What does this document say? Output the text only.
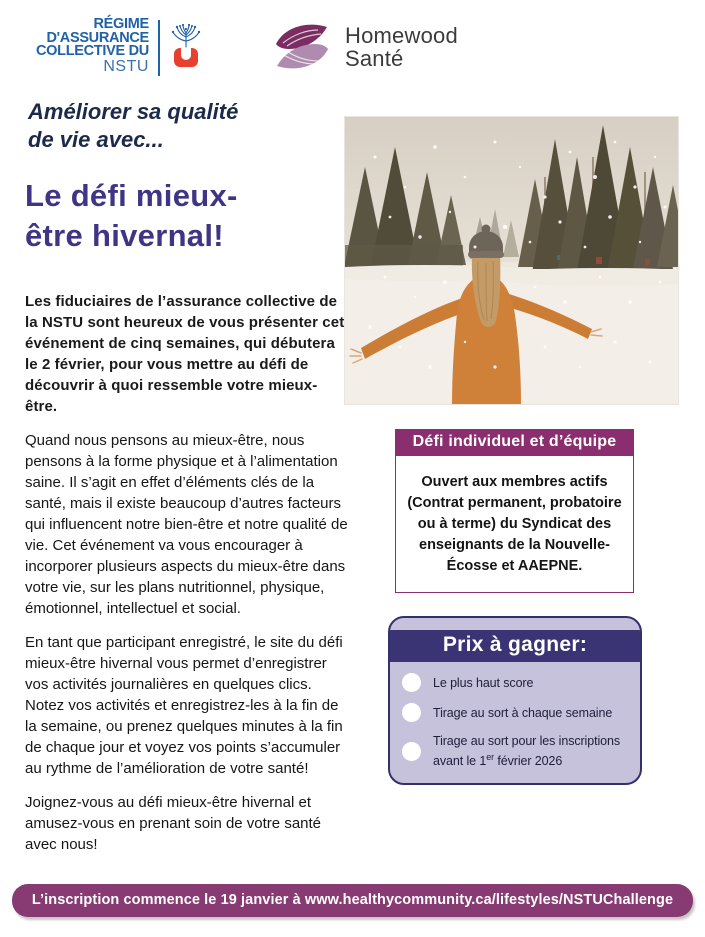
RÉGIME
D'ASSURANCE
COLLECTIVE DU
NSTU
Homewood
Santé
Améliorer sa qualité
de vie avec...
Le défi mieux-
être hivernal!

Les fiduciaires de l’assurance collective de la NSTU sont heureux de vous présenter cet événement de cinq semaines, qui débutera le 2 février, pour vous mettre au défi de découvrir à quoi ressemble votre mieux-être.

Quand nous pensons au mieux-être, nous pensons à la forme physique et à l’alimentation saine. Il s’agit en effet d’éléments clés de la santé, mais il existe beaucoup d’autres facteurs qui influencent notre bien-être et notre qualité de vie. Cet événement va vous encourager à incorporer plusieurs aspects du mieux-être dans votre vie, sur les plans nutritionnel, physique, émotionnel, intellectuel et social.

En tant que participant enregistré, le site du défi mieux-être hivernal vous permet d’enregistrer vos activités journalières en quelques clics. Notez vos activités et enregistrez-les à la fin de la semaine, ou prenez quelques minutes à la fin de chaque jour et voyez vos points s’accumuler au rythme de l’amélioration de votre santé!

Joignez-vous au défi mieux-être hivernal et amusez-vous en prenant soin de votre santé avec nous!

Défi individuel et d’équipe
Ouvert aux membres actifs (Contrat permanent, probatoire ou à terme) du Syndicat des enseignants de la Nouvelle-Écosse et AAEPNE.
Prix à gagner:
Le plus haut score
Tirage au sort à chaque semaine
Tirage au sort pour les inscriptions
avant le 1er février 2026
L’inscription commence le 19 janvier à www.healthycommunity.ca/lifestyles/NSTUChallenge
